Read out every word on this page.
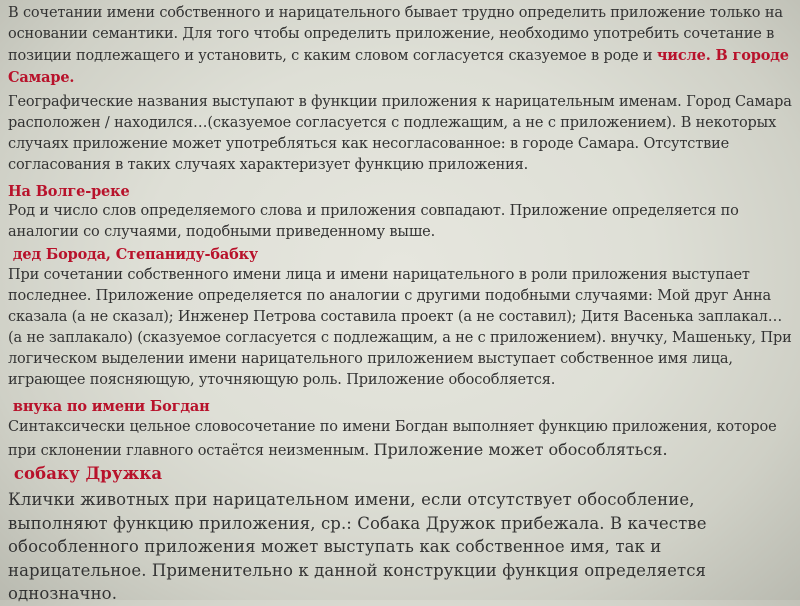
В сочетании имени собственного и нарицательного бывает трудно определить приложение только на основании семантики. Для того чтобы определить приложение, необходимо употребить сочетание в позиции подлежащего и установить, с каким словом согласуется сказуемое в роде и числе. В городе Самаре.

Географические названия выступают в функции приложения к нарицательным именам. Город Самара расположен / находился…(сказуемое согласуется с подлежащим, а не с приложением). В некоторых случаях приложение может употребляться как несогласованное: в городе Самара. Отсутствие согласования в таких случаях характеризует функцию приложения.

На Волге-реке

Род и число слов определяемого слова и приложения совпадают. Приложение определяется по аналогии со случаями, подобными приведенному выше.

дед Борода, Степаниду-бабку

При сочетании собственного имени лица и имени нарицательного в роли приложения выступает последнее. Приложение определяется по аналогии с другими подобными случаями: Мой друг Анна сказала (а не сказал); Инженер Петрова составила проект (а не составил); Дитя Васенька заплакал… (а не заплакало) (сказуемое согласуется с подлежащим, а не с приложением). внучку, Машеньку, При логическом выделении имени нарицательного приложением выступает собственное имя лица, играющее поясняющую, уточняющую роль. Приложение обособляется.

внука по имени Богдан

Синтаксически цельное словосочетание по имени Богдан выполняет функцию приложения, которое при склонении главного остаётся неизменным. Приложение может обособляться.

собаку Дружка

Клички животных при нарицательном имени, если отсутствует обособление, выполняют функцию приложения, ср.: Собака Дружок прибежала. В качестве обособленного приложения может выступать как собственное имя, так и нарицательное. Применительно к данной конструкции функция определяется однозначно.
